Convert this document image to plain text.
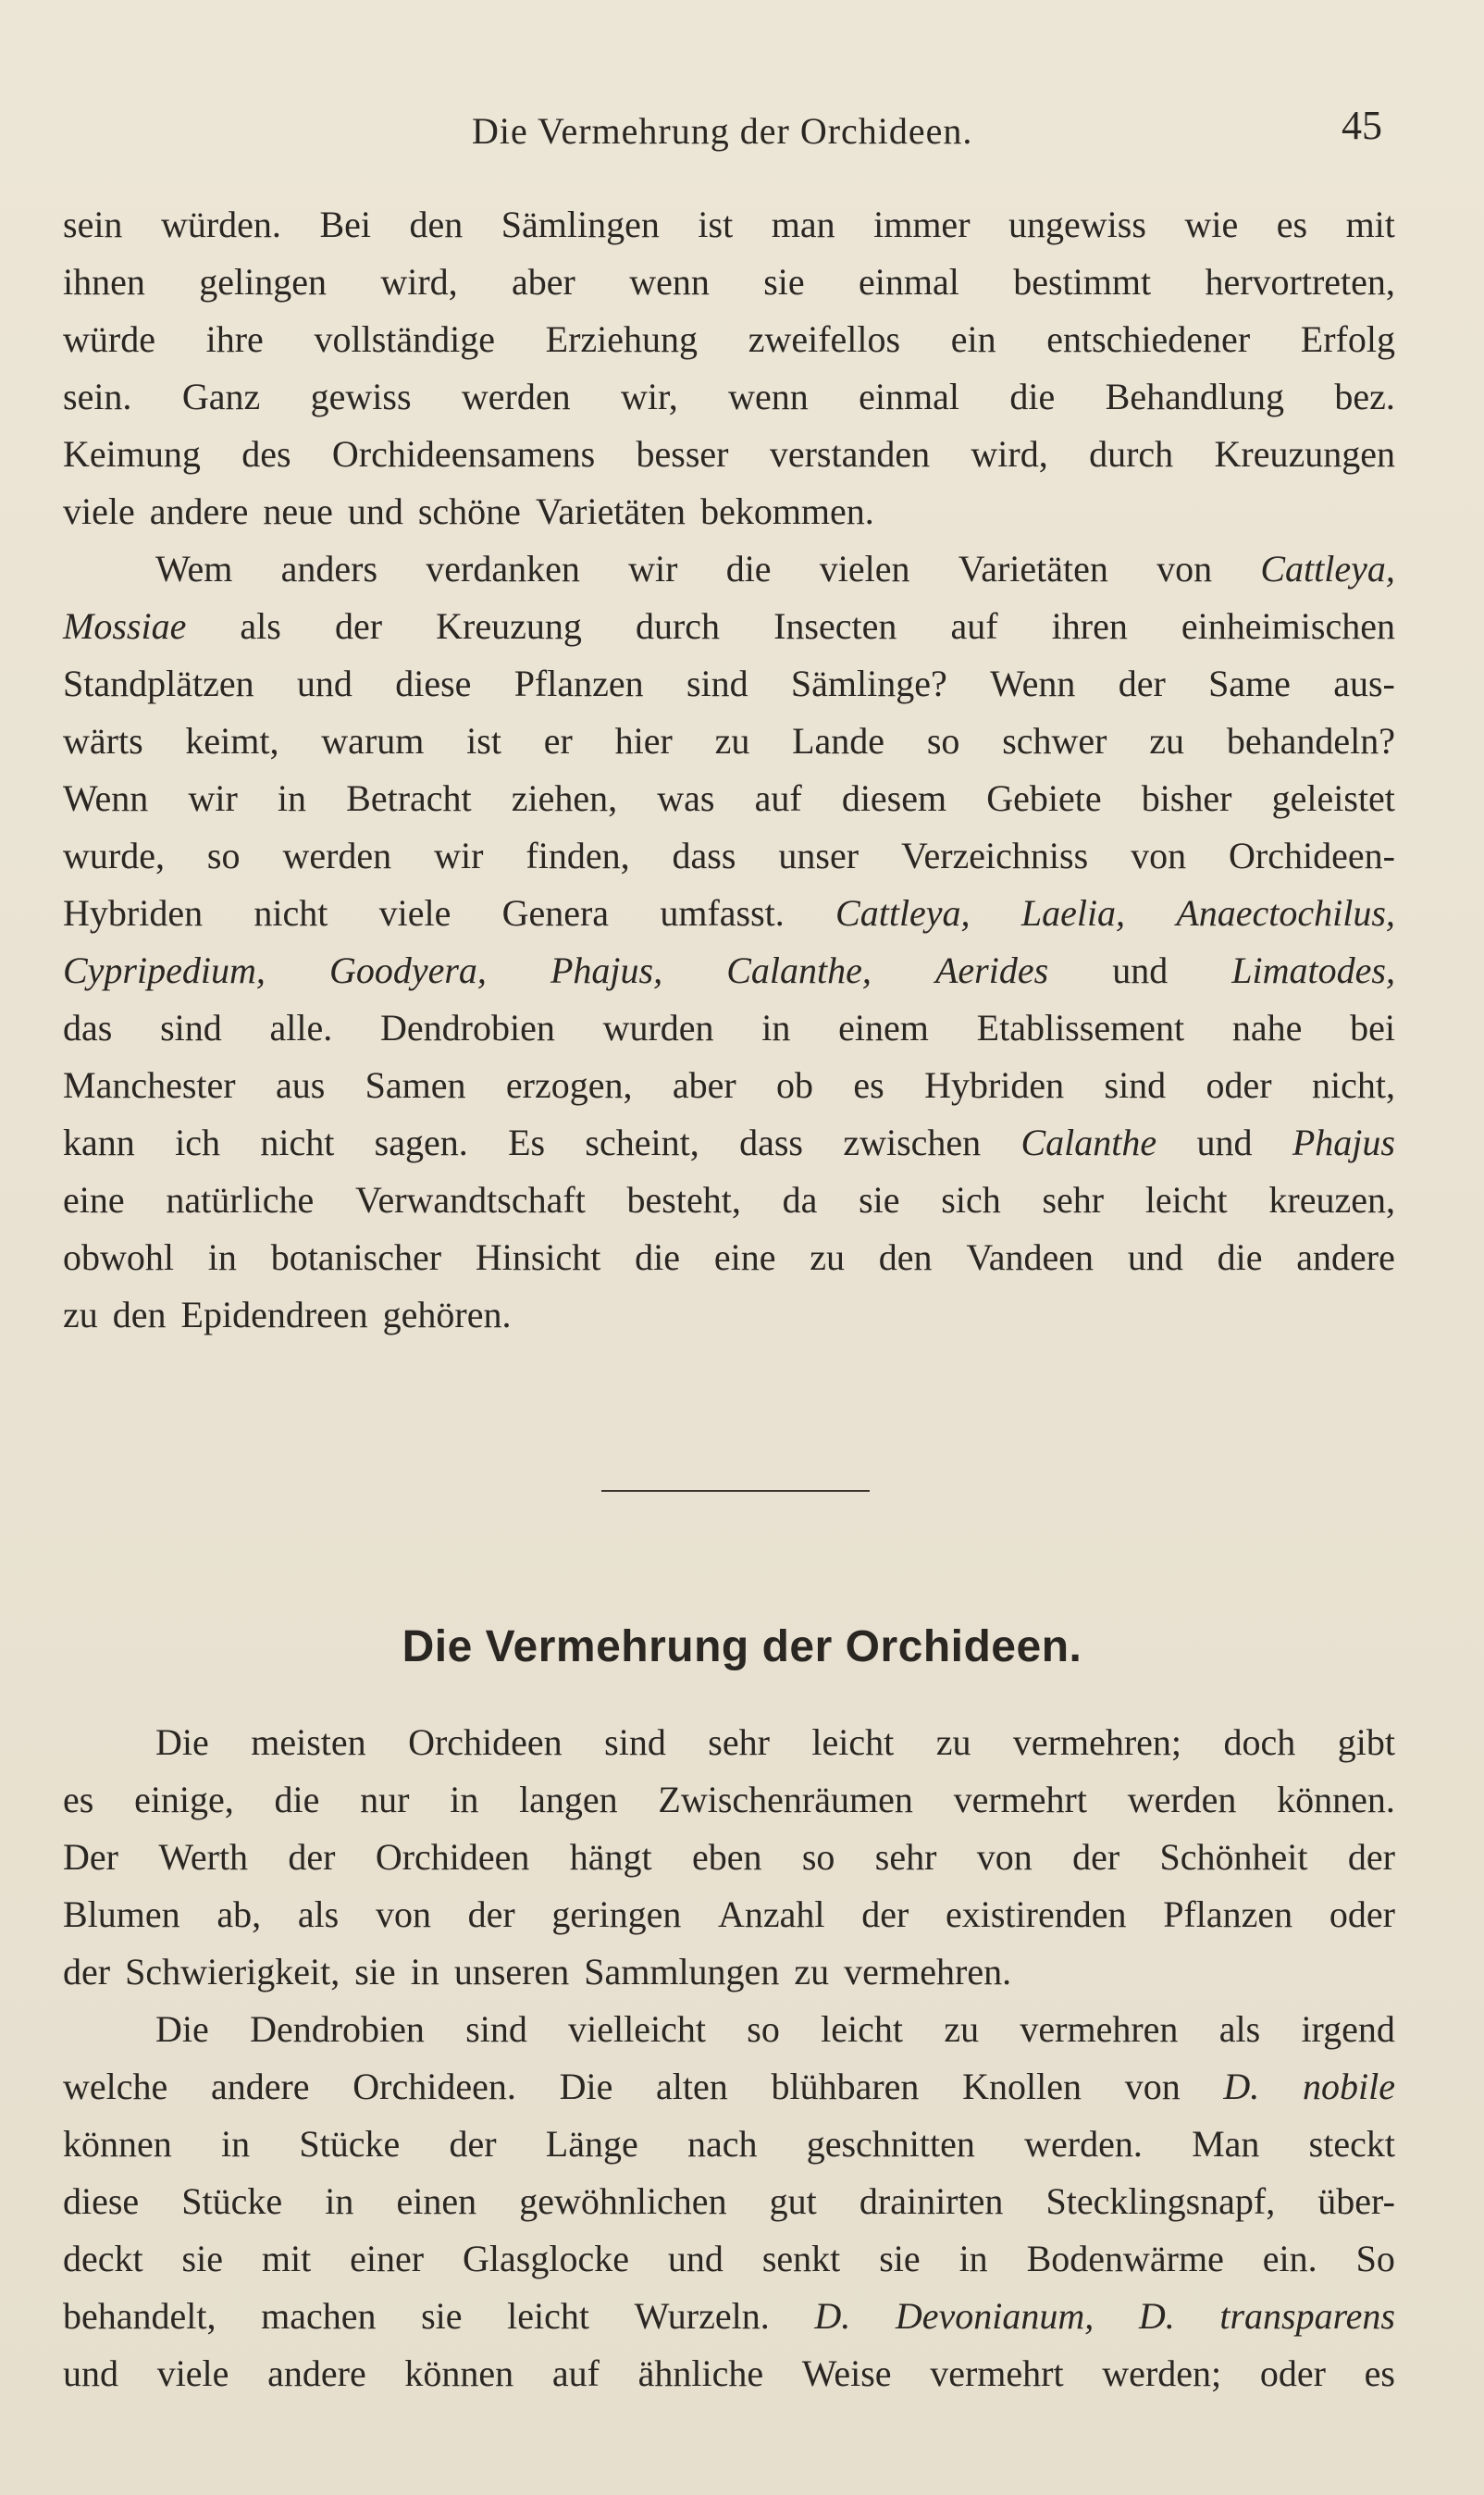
Die Vermehrung der Orchideen.	45
sein würden. Bei den Sämlingen ist man immer ungewiss wie es mit
ihnen gelingen wird, aber wenn sie einmal bestimmt hervortreten,
würde ihre vollständige Erziehung zweifellos ein entschiedener Erfolg
sein. Ganz gewiss werden wir, wenn einmal die Behandlung bez.
Keimung des Orchideensamens besser verstanden wird, durch Kreuzungen
viele andere neue und schöne Varietäten bekommen.
Wem anders verdanken wir die vielen Varietäten von Cattleya,
Mossiae als der Kreuzung durch Insecten auf ihren einheimischen
Standplätzen und diese Pflanzen sind Sämlinge? Wenn der Same aus-
wärts keimt, warum ist er hier zu Lande so schwer zu behandeln?
Wenn wir in Betracht ziehen, was auf diesem Gebiete bisher geleistet
wurde, so werden wir finden, dass unser Verzeichniss von Orchideen-
Hybriden nicht viele Genera umfasst. Cattleya, Laelia, Anaectochilus,
Cypripedium, Goodyera, Phajus, Calanthe, Aerides und Limatodes,
das sind alle. Dendrobien wurden in einem Etablissement nahe bei
Manchester aus Samen erzogen, aber ob es Hybriden sind oder nicht,
kann ich nicht sagen. Es scheint, dass zwischen Calanthe und Phajus
eine natürliche Verwandtschaft besteht, da sie sich sehr leicht kreuzen,
obwohl in botanischer Hinsicht die eine zu den Vandeen und die andere
zu den Epidendreen gehören.
Die Vermehrung der Orchideen.
Die meisten Orchideen sind sehr leicht zu vermehren; doch gibt
es einige, die nur in langen Zwischenräumen vermehrt werden können.
Der Werth der Orchideen hängt eben so sehr von der Schönheit der
Blumen ab, als von der geringen Anzahl der existirenden Pflanzen oder
der Schwierigkeit, sie in unseren Sammlungen zu vermehren.
Die Dendrobien sind vielleicht so leicht zu vermehren als irgend
welche andere Orchideen. Die alten blühbaren Knollen von D. nobile
können in Stücke der Länge nach geschnitten werden. Man steckt
diese Stücke in einen gewöhnlichen gut drainirten Stecklingsnapf, über-
deckt sie mit einer Glasglocke und senkt sie in Bodenwärme ein. So
behandelt, machen sie leicht Wurzeln. D. Devonianum, D. transparens
und viele andere können auf ähnliche Weise vermehrt werden; oder es
